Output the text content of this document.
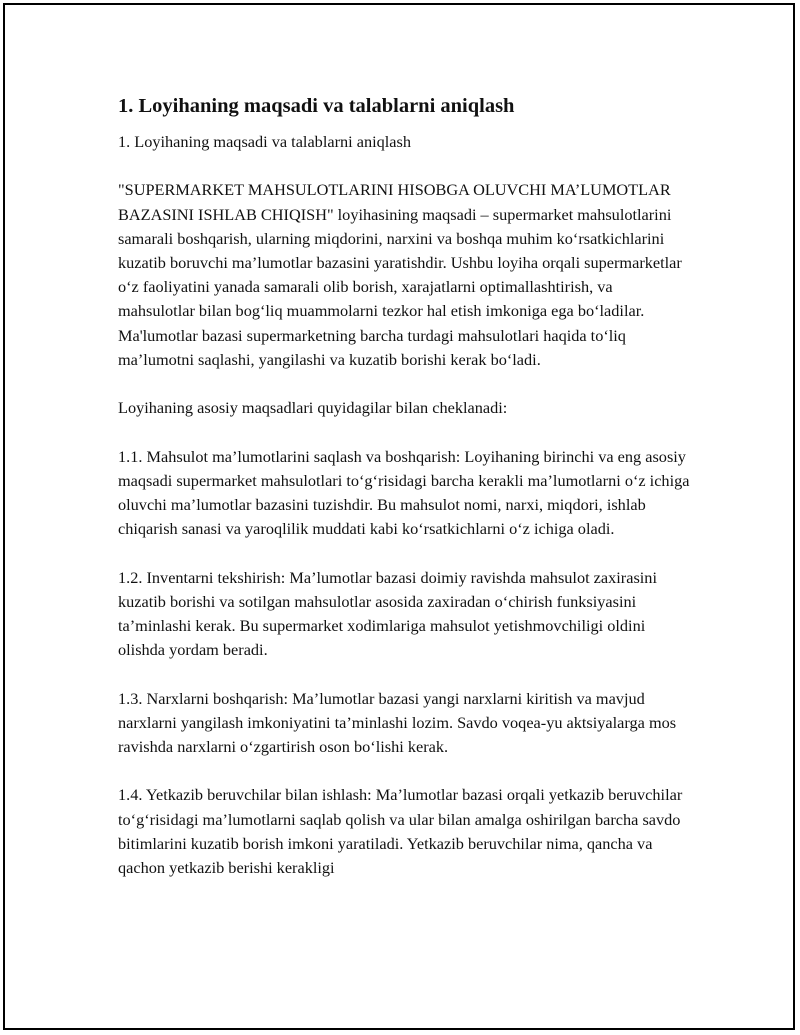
1. Loyihaning maqsadi va talablarni aniqlash

1. Loyihaning maqsadi va talablarni aniqlash

"SUPERMARKET MAHSULOTLARINI HISOBGA OLUVCHI MA’LUMOTLAR BAZASINI ISHLAB CHIQISH" loyihasining maqsadi – supermarket mahsulotlarini samarali boshqarish, ularning miqdorini, narxini va boshqa muhim ko‘rsatkichlarini kuzatib boruvchi ma’lumotlar bazasini yaratishdir. Ushbu loyiha orqali supermarketlar o‘z faoliyatini yanada samarali olib borish, xarajatlarni optimallashtirish, va mahsulotlar bilan bog‘liq muammolarni tezkor hal etish imkoniga ega bo‘ladilar. Ma'lumotlar bazasi supermarketning barcha turdagi mahsulotlari haqida to‘liq ma’lumotni saqlashi, yangilashi va kuzatib borishi kerak bo‘ladi.

Loyihaning asosiy maqsadlari quyidagilar bilan cheklanadi:

1.1. Mahsulot ma’lumotlarini saqlash va boshqarish: Loyihaning birinchi va eng asosiy maqsadi supermarket mahsulotlari to‘g‘risidagi barcha kerakli ma’lumotlarni o‘z ichiga oluvchi ma’lumotlar bazasini tuzishdir. Bu mahsulot nomi, narxi, miqdori, ishlab chiqarish sanasi va yaroqlilik muddati kabi ko‘rsatkichlarni o‘z ichiga oladi.

1.2. Inventarni tekshirish: Ma’lumotlar bazasi doimiy ravishda mahsulot zaxirasini kuzatib borishi va sotilgan mahsulotlar asosida zaxiradan o‘chirish funksiyasini ta’minlashi kerak. Bu supermarket xodimlariga mahsulot yetishmovchiligi oldini olishda yordam beradi.

1.3. Narxlarni boshqarish: Ma’lumotlar bazasi yangi narxlarni kiritish va mavjud narxlarni yangilash imkoniyatini ta’minlashi lozim. Savdo voqea-yu aktsiyalarga mos ravishda narxlarni o‘zgartirish oson bo‘lishi kerak.

1.4. Yetkazib beruvchilar bilan ishlash: Ma’lumotlar bazasi orqali yetkazib beruvchilar to‘g‘risidagi ma’lumotlarni saqlab qolish va ular bilan amalga oshirilgan barcha savdo bitimlarini kuzatib borish imkoni yaratiladi. Yetkazib beruvchilar nima, qancha va qachon yetkazib berishi kerakligi
